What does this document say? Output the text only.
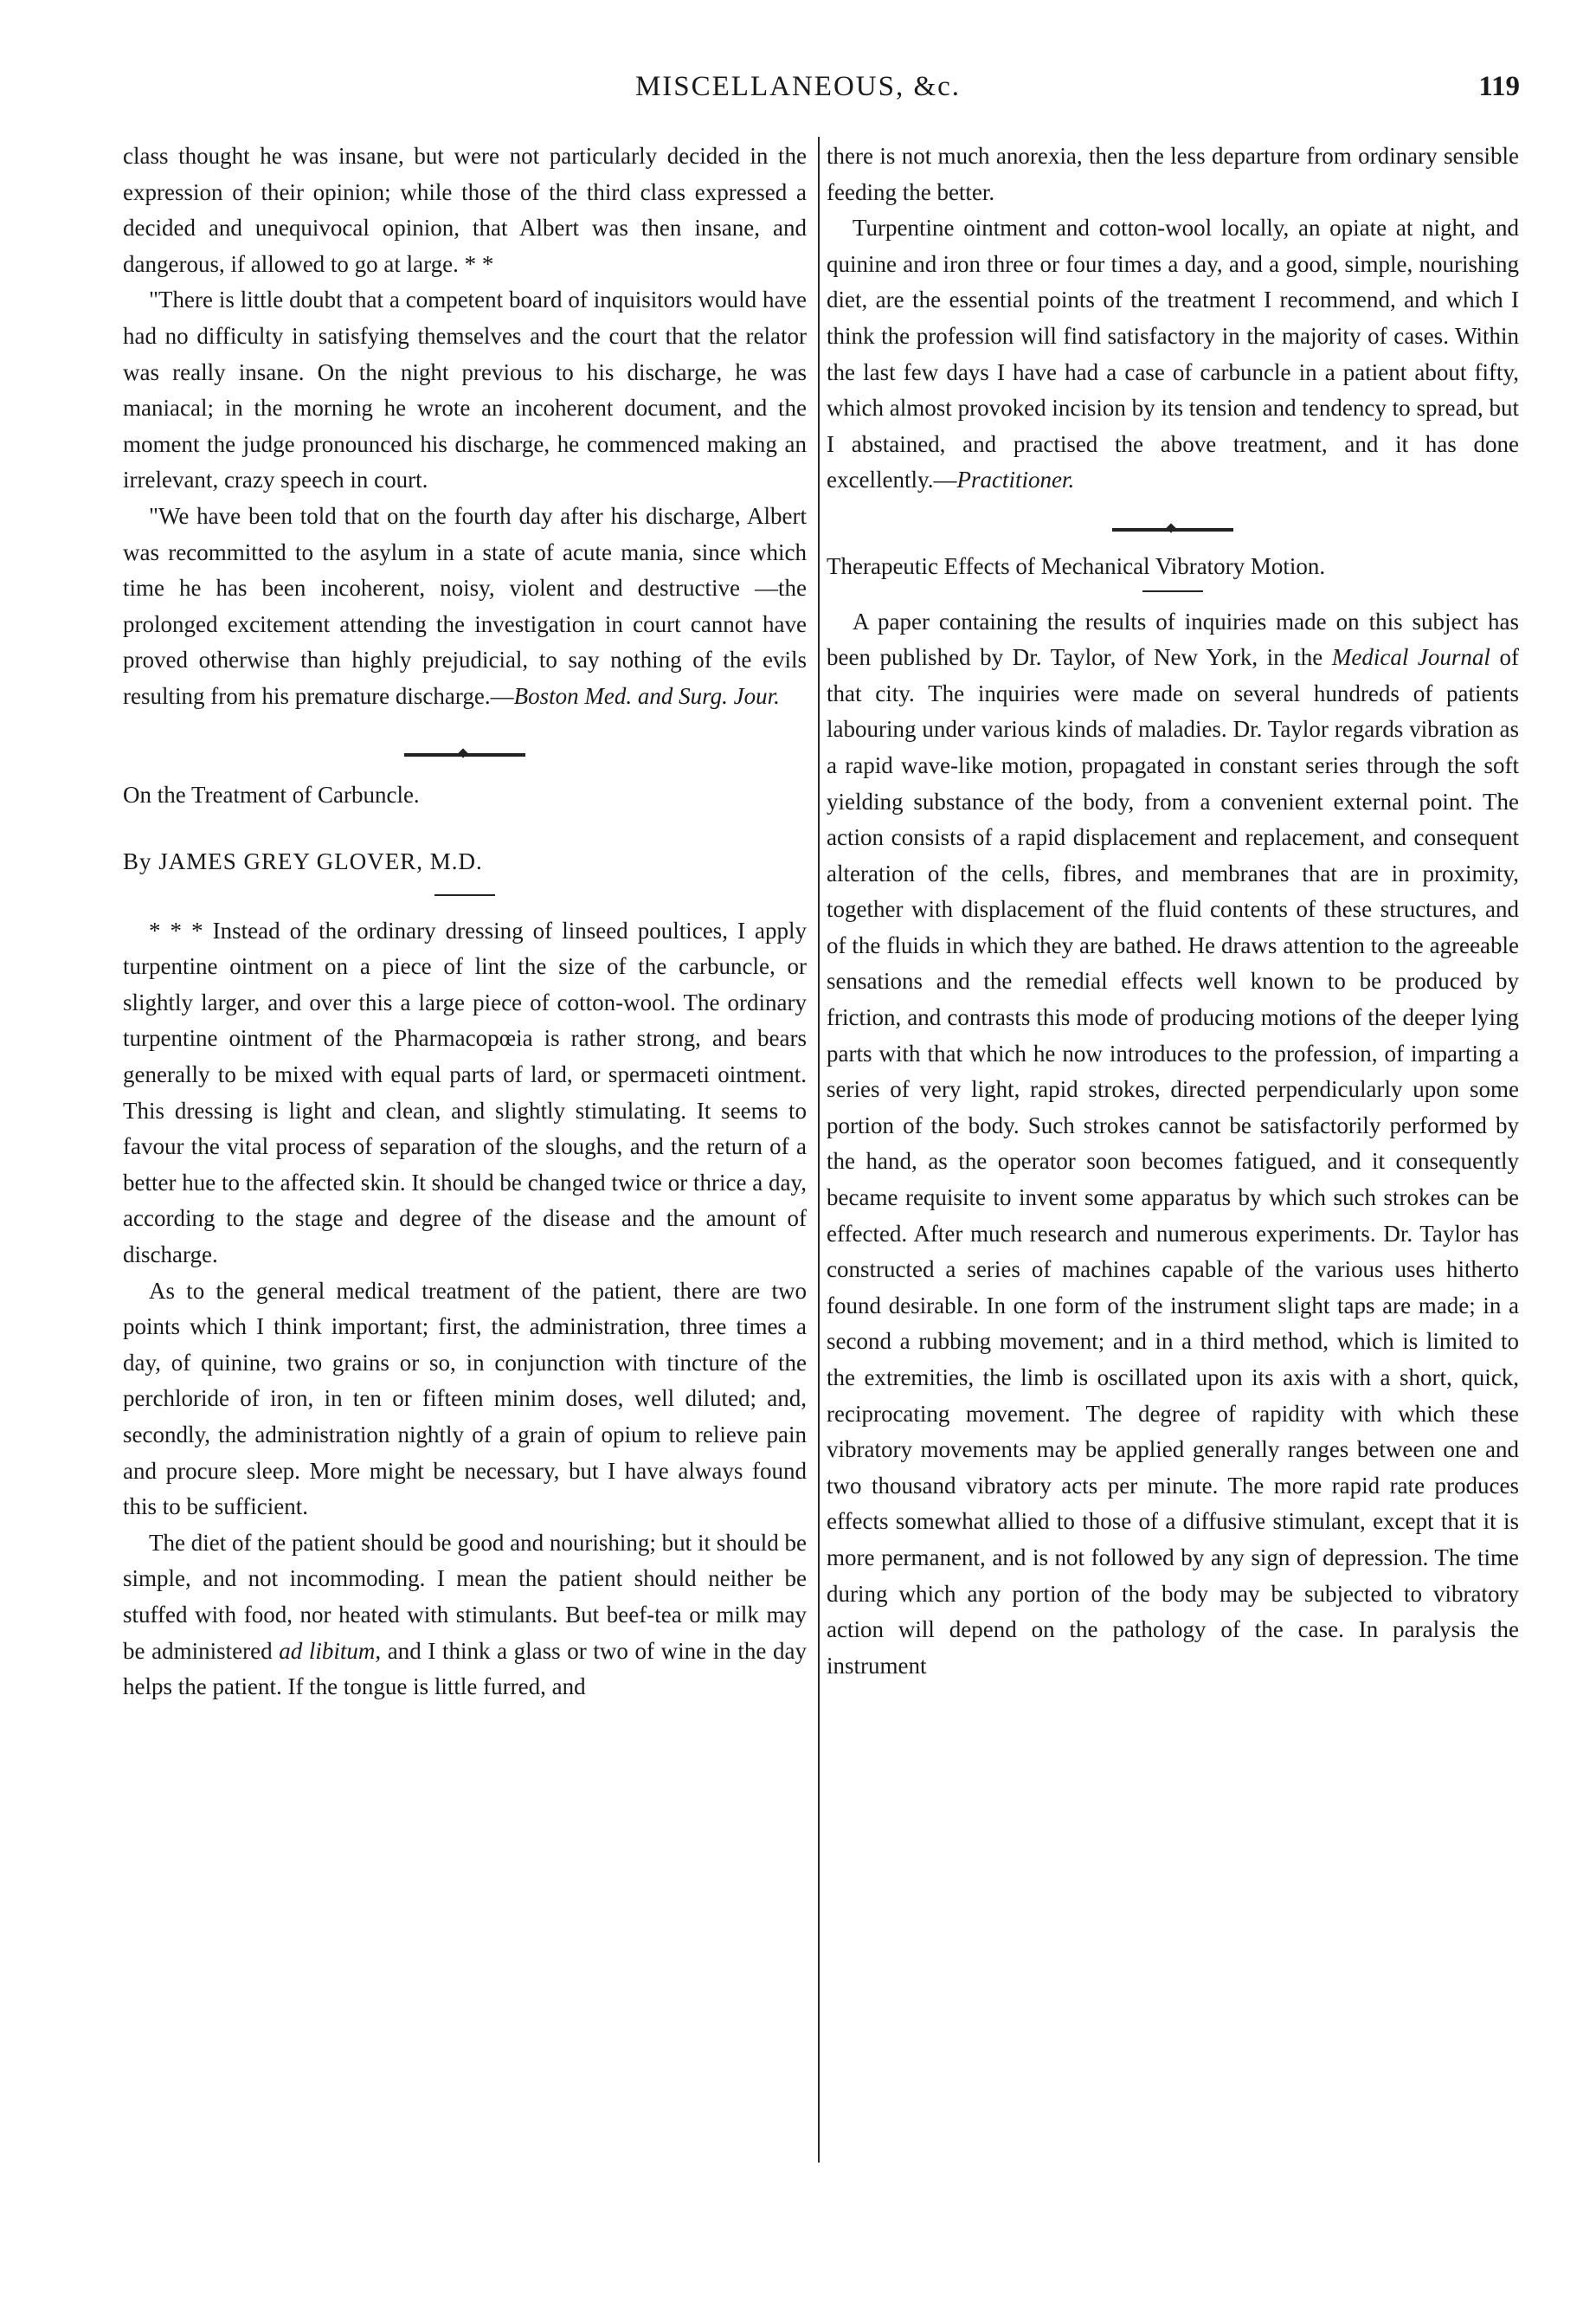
MISCELLANEOUS, &c.	119

class thought he was insane, but were not particularly decided in the expression of their opinion; while those of the third class expressed a decided and unequivocal opinion, that Albert was then insane, and dangerous, if allowed to go at large. * *

"There is little doubt that a competent board of inquisitors would have had no difficulty in satisfying themselves and the court that the relator was really insane. On the night previous to his discharge, he was maniacal; in the morning he wrote an incoherent document, and the moment the judge pronounced his discharge, he commenced making an irrelevant, crazy speech in court.

"We have been told that on the fourth day after his discharge, Albert was recommitted to the asylum in a state of acute mania, since which time he has been incoherent, noisy, violent and destructive —the prolonged excitement attending the investigation in court cannot have proved otherwise than highly prejudicial, to say nothing of the evils resulting from his premature discharge.—Boston Med. and Surg. Jour.

On the Treatment of Carbuncle.

By JAMES GREY GLOVER, M.D.

* * * Instead of the ordinary dressing of linseed poultices, I apply turpentine ointment on a piece of lint the size of the carbuncle, or slightly larger, and over this a large piece of cotton-wool. The ordinary turpentine ointment of the Pharmacopœia is rather strong, and bears generally to be mixed with equal parts of lard, or spermaceti ointment. This dressing is light and clean, and slightly stimulating. It seems to favour the vital process of separation of the sloughs, and the return of a better hue to the affected skin. It should be changed twice or thrice a day, according to the stage and degree of the disease and the amount of discharge.

As to the general medical treatment of the patient, there are two points which I think important; first, the administration, three times a day, of quinine, two grains or so, in conjunction with tincture of the perchloride of iron, in ten or fifteen minim doses, well diluted; and, secondly, the administration nightly of a grain of opium to relieve pain and procure sleep. More might be necessary, but I have always found this to be sufficient.

The diet of the patient should be good and nourishing; but it should be simple, and not incommoding. I mean the patient should neither be stuffed with food, nor heated with stimulants. But beef-tea or milk may be administered ad libitum, and I think a glass or two of wine in the day helps the patient. If the tongue is little furred, and

there is not much anorexia, then the less departure from ordinary sensible feeding the better.

Turpentine ointment and cotton-wool locally, an opiate at night, and quinine and iron three or four times a day, and a good, simple, nourishing diet, are the essential points of the treatment I recommend, and which I think the profession will find satisfactory in the majority of cases. Within the last few days I have had a case of carbuncle in a patient about fifty, which almost provoked incision by its tension and tendency to spread, but I abstained, and practised the above treatment, and it has done excellently.—Practitioner.

Therapeutic Effects of Mechanical Vibratory Motion.

A paper containing the results of inquiries made on this subject has been published by Dr. Taylor, of New York, in the Medical Journal of that city. The inquiries were made on several hundreds of patients labouring under various kinds of maladies. Dr. Taylor regards vibration as a rapid wave-like motion, propagated in constant series through the soft yielding substance of the body, from a convenient external point. The action consists of a rapid displacement and replacement, and consequent alteration of the cells, fibres, and membranes that are in proximity, together with displacement of the fluid contents of these structures, and of the fluids in which they are bathed. He draws attention to the agreeable sensations and the remedial effects well known to be produced by friction, and contrasts this mode of producing motions of the deeper lying parts with that which he now introduces to the profession, of imparting a series of very light, rapid strokes, directed perpendicularly upon some portion of the body. Such strokes cannot be satisfactorily performed by the hand, as the operator soon becomes fatigued, and it consequently became requisite to invent some apparatus by which such strokes can be effected. After much research and numerous experiments. Dr. Taylor has constructed a series of machines capable of the various uses hitherto found desirable. In one form of the instrument slight taps are made; in a second a rubbing movement; and in a third method, which is limited to the extremities, the limb is oscillated upon its axis with a short, quick, reciprocating movement. The degree of rapidity with which these vibratory movements may be applied generally ranges between one and two thousand vibratory acts per minute. The more rapid rate produces effects somewhat allied to those of a diffusive stimulant, except that it is more permanent, and is not followed by any sign of depression. The time during which any portion of the body may be subjected to vibratory action will depend on the pathology of the case. In paralysis the instrument
